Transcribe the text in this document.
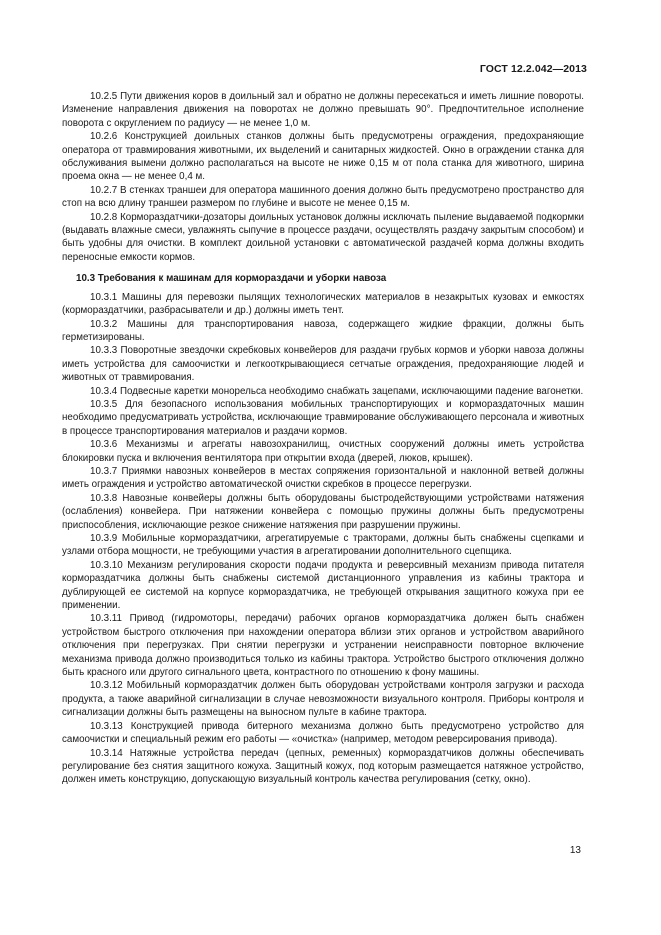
ГОСТ 12.2.042—2013

10.2.5 Пути движения коров в доильный зал и обратно не должны пересекаться и иметь лишние повороты. Изменение направления движения на поворотах не должно превышать 90°. Предпочтительное исполнение поворота с округлением по радиусу — не менее 1,0 м.

10.2.6 Конструкцией доильных станков должны быть предусмотрены ограждения, предохраняющие оператора от травмирования животными, их выделений и санитарных жидкостей. Окно в ограждении станка для обслуживания вымени должно располагаться на высоте не ниже 0,15 м от пола станка для животного, ширина проема окна — не менее 0,4 м.

10.2.7 В стенках траншеи для оператора машинного доения должно быть предусмотрено пространство для стоп на всю длину траншеи размером по глубине и высоте не менее 0,15 м.

10.2.8 Кормораздатчики-дозаторы доильных установок должны исключать пыление выдаваемой подкормки (выдавать влажные смеси, увлажнять сыпучие в процессе раздачи, осуществлять раздачу закрытым способом) и быть удобны для очистки. В комплект доильной установки с автоматической раздачей корма должны входить переносные емкости кормов.

10.3 Требования к машинам для кормораздачи и уборки навоза

10.3.1 Машины для перевозки пылящих технологических материалов в незакрытых кузовах и емкостях (кормораздатчики, разбрасыватели и др.) должны иметь тент.

10.3.2 Машины для транспортирования навоза, содержащего жидкие фракции, должны быть герметизированы.

10.3.3 Поворотные звездочки скребковых конвейеров для раздачи грубых кормов и уборки навоза должны иметь устройства для самоочистки и легкооткрывающиеся сетчатые ограждения, предохраняющие людей и животных от травмирования.

10.3.4 Подвесные каретки монорельса необходимо снабжать зацепами, исключающими падение вагонетки.

10.3.5 Для безопасного использования мобильных транспортирующих и кормораздаточных машин необходимо предусматривать устройства, исключающие травмирование обслуживающего персонала и животных в процессе транспортирования материалов и раздачи кормов.

10.3.6 Механизмы и агрегаты навозохранилищ, очистных сооружений должны иметь устройства блокировки пуска и включения вентилятора при открытии входа (дверей, люков, крышек).

10.3.7 Приямки навозных конвейеров в местах сопряжения горизонтальной и наклонной ветвей должны иметь ограждения и устройство автоматической очистки скребков в процессе перегрузки.

10.3.8 Навозные конвейеры должны быть оборудованы быстродействующими устройствами натяжения (ослабления) конвейера. При натяжении конвейера с помощью пружины должны быть предусмотрены приспособления, исключающие резкое снижение натяжения при разрушении пружины.

10.3.9 Мобильные кормораздатчики, агрегатируемые с тракторами, должны быть снабжены сцепками и узлами отбора мощности, не требующими участия в агрегатировании дополнительного сцепщика.

10.3.10 Механизм регулирования скорости подачи продукта и реверсивный механизм привода питателя кормораздатчика должны быть снабжены системой дистанционного управления из кабины трактора и дублирующей ее системой на корпусе кормораздатчика, не требующей открывания защитного кожуха при ее применении.

10.3.11 Привод (гидромоторы, передачи) рабочих органов кормораздатчика должен быть снабжен устройством быстрого отключения при нахождении оператора вблизи этих органов и устройством аварийного отключения при перегрузках. При снятии перегрузки и устранении неисправности повторное включение механизма привода должно производиться только из кабины трактора. Устройство быстрого отключения должно быть красного или другого сигнального цвета, контрастного по отношению к фону машины.

10.3.12 Мобильный кормораздатчик должен быть оборудован устройствами контроля загрузки и расхода продукта, а также аварийной сигнализации в случае невозможности визуального контроля. Приборы контроля и сигнализации должны быть размещены на выносном пульте в кабине трактора.

10.3.13 Конструкцией привода битерного механизма должно быть предусмотрено устройство для самоочистки и специальный режим его работы — «очистка» (например, методом реверсирования привода).

10.3.14 Натяжные устройства передач (цепных, ременных) кормораздатчиков должны обеспечивать регулирование без снятия защитного кожуха. Защитный кожух, под которым размещается натяжное устройство, должен иметь конструкцию, допускающую визуальный контроль качества регулирования (сетку, окно).

13
